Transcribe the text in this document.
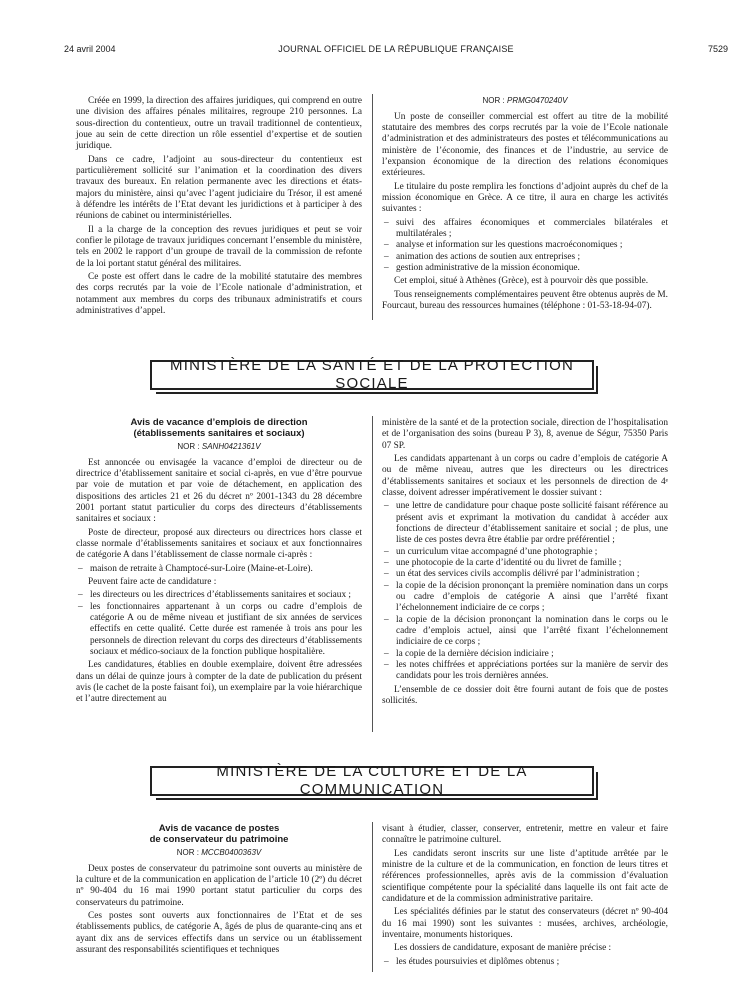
24 avril 2004	JOURNAL OFFICIEL DE LA RÉPUBLIQUE FRANÇAISE	7529

Créée en 1999, la direction des affaires juridiques, qui comprend en outre une division des affaires pénales militaires, regroupe 210 personnes. La sous-direction du contentieux, outre un travail traditionnel de contentieux, joue au sein de cette direction un rôle essentiel d’expertise et de soutien juridique.

Dans ce cadre, l’adjoint au sous-directeur du contentieux est particulièrement sollicité sur l’animation et la coordination des divers travaux des bureaux. En relation permanente avec les directions et états-majors du ministère, ainsi qu’avec l’agent judiciaire du Trésor, il est amené à défendre les intérêts de l’Etat devant les juridictions et à participer à des réunions de cabinet ou interministérielles.

Il a la charge de la conception des revues juridiques et peut se voir confier le pilotage de travaux juridiques concernant l’ensemble du ministère, tels en 2002 le rapport d’un groupe de travail de la commission de refonte de la loi portant statut général des militaires.

Ce poste est offert dans le cadre de la mobilité statutaire des membres des corps recrutés par la voie de l’Ecole nationale d’administration, et notamment aux membres du corps des tribunaux administratifs et cours administratives d’appel.

NOR : PRMG0470240V

Un poste de conseiller commercial est offert au titre de la mobilité statutaire des membres des corps recrutés par la voie de l’Ecole nationale d’administration et des administrateurs des postes et télécommunications au ministère de l’économie, des finances et de l’industrie, au service de l’expansion économique de la direction des relations économiques extérieures.

Le titulaire du poste remplira les fonctions d’adjoint auprès du chef de la mission économique en Grèce. A ce titre, il aura en charge les activités suivantes :

– suivi des affaires économiques et commerciales bilatérales et multilatérales ;
– analyse et information sur les questions macroéconomiques ;
– animation des actions de soutien aux entreprises ;
– gestion administrative de la mission économique.

Cet emploi, situé à Athènes (Grèce), est à pourvoir dès que possible.

Tous renseignements complémentaires peuvent être obtenus auprès de M. Fourcaut, bureau des ressources humaines (téléphone : 01-53-18-94-07).

MINISTÈRE DE LA SANTÉ ET DE LA PROTECTION SOCIALE
Avis de vacance d’emplois de direction
(établissements sanitaires et sociaux)

NOR : SANH0421361V

Est annoncée ou envisagée la vacance d’emploi de directeur ou de directrice d’établissement sanitaire et social ci-après, en vue d’être pourvue par voie de mutation et par voie de détachement, en application des dispositions des articles 21 et 26 du décret nº 2001-1343 du 28 décembre 2001 portant statut particulier du corps des directeurs d’établissements sanitaires et sociaux :

Poste de directeur, proposé aux directeurs ou directrices hors classe et classe normale d’établissements sanitaires et sociaux et aux fonctionnaires de catégorie A dans l’établissement de classe normale ci-après :

– maison de retraite à Champtocé-sur-Loire (Maine-et-Loire).

Peuvent faire acte de candidature :

– les directeurs ou les directrices d’établissements sanitaires et sociaux ;
– les fonctionnaires appartenant à un corps ou cadre d’emplois de catégorie A ou de même niveau et justifiant de six années de services effectifs en cette qualité. Cette durée est ramenée à trois ans pour les personnels de direction relevant du corps des directeurs d’établissements sociaux et médico-sociaux de la fonction publique hospitalière.

Les candidatures, établies en double exemplaire, doivent être adressées dans un délai de quinze jours à compter de la date de publication du présent avis (le cachet de la poste faisant foi), un exemplaire par la voie hiérarchique et l’autre directement au

ministère de la santé et de la protection sociale, direction de l’hospitalisation et de l’organisation des soins (bureau P 3), 8, avenue de Ségur, 75350 Paris 07 SP.

Les candidats appartenant à un corps ou cadre d’emplois de catégorie A ou de même niveau, autres que les directeurs ou les directrices d’établissements sanitaires et sociaux et les personnels de direction de 4ᵉ classe, doivent adresser impérativement le dossier suivant :

– une lettre de candidature pour chaque poste sollicité faisant référence au présent avis et exprimant la motivation du candidat à accéder aux fonctions de directeur d’établissement sanitaire et social ; de plus, une liste de ces postes devra être établie par ordre préférentiel ;
– un curriculum vitae accompagné d’une photographie ;
– une photocopie de la carte d’identité ou du livret de famille ;
– un état des services civils accomplis délivré par l’administration ;
– la copie de la décision prononçant la première nomination dans un corps ou cadre d’emplois de catégorie A ainsi que l’arrêté fixant l’échelonnement indiciaire de ce corps ;
– la copie de la décision prononçant la nomination dans le corps ou le cadre d’emplois actuel, ainsi que l’arrêté fixant l’échelonnement indiciaire de ce corps ;
– la copie de la dernière décision indiciaire ;
– les notes chiffrées et appréciations portées sur la manière de servir des candidats pour les trois dernières années.

L’ensemble de ce dossier doit être fourni autant de fois que de postes sollicités.

MINISTÈRE DE LA CULTURE ET DE LA COMMUNICATION
Avis de vacance de postes
de conservateur du patrimoine

NOR : MCCB0400363V

Deux postes de conservateur du patrimoine sont ouverts au ministère de la culture et de la communication en application de l’article 10 (2º) du décret nº 90-404 du 16 mai 1990 portant statut particulier du corps des conservateurs du patrimoine.

Ces postes sont ouverts aux fonctionnaires de l’Etat et de ses établissements publics, de catégorie A, âgés de plus de quarante-cinq ans et ayant dix ans de services effectifs dans un service ou un établissement assurant des responsabilités scientifiques et techniques

visant à étudier, classer, conserver, entretenir, mettre en valeur et faire connaître le patrimoine culturel.

Les candidats seront inscrits sur une liste d’aptitude arrêtée par le ministre de la culture et de la communication, en fonction de leurs titres et références professionnelles, après avis de la commission d’évaluation scientifique compétente pour la spécialité dans laquelle ils ont fait acte de candidature et de la commission administrative paritaire.

Les spécialités définies par le statut des conservateurs (décret nº 90-404 du 16 mai 1990) sont les suivantes : musées, archives, archéologie, inventaire, monuments historiques.

Les dossiers de candidature, exposant de manière précise :

– les études poursuivies et diplômes obtenus ;
